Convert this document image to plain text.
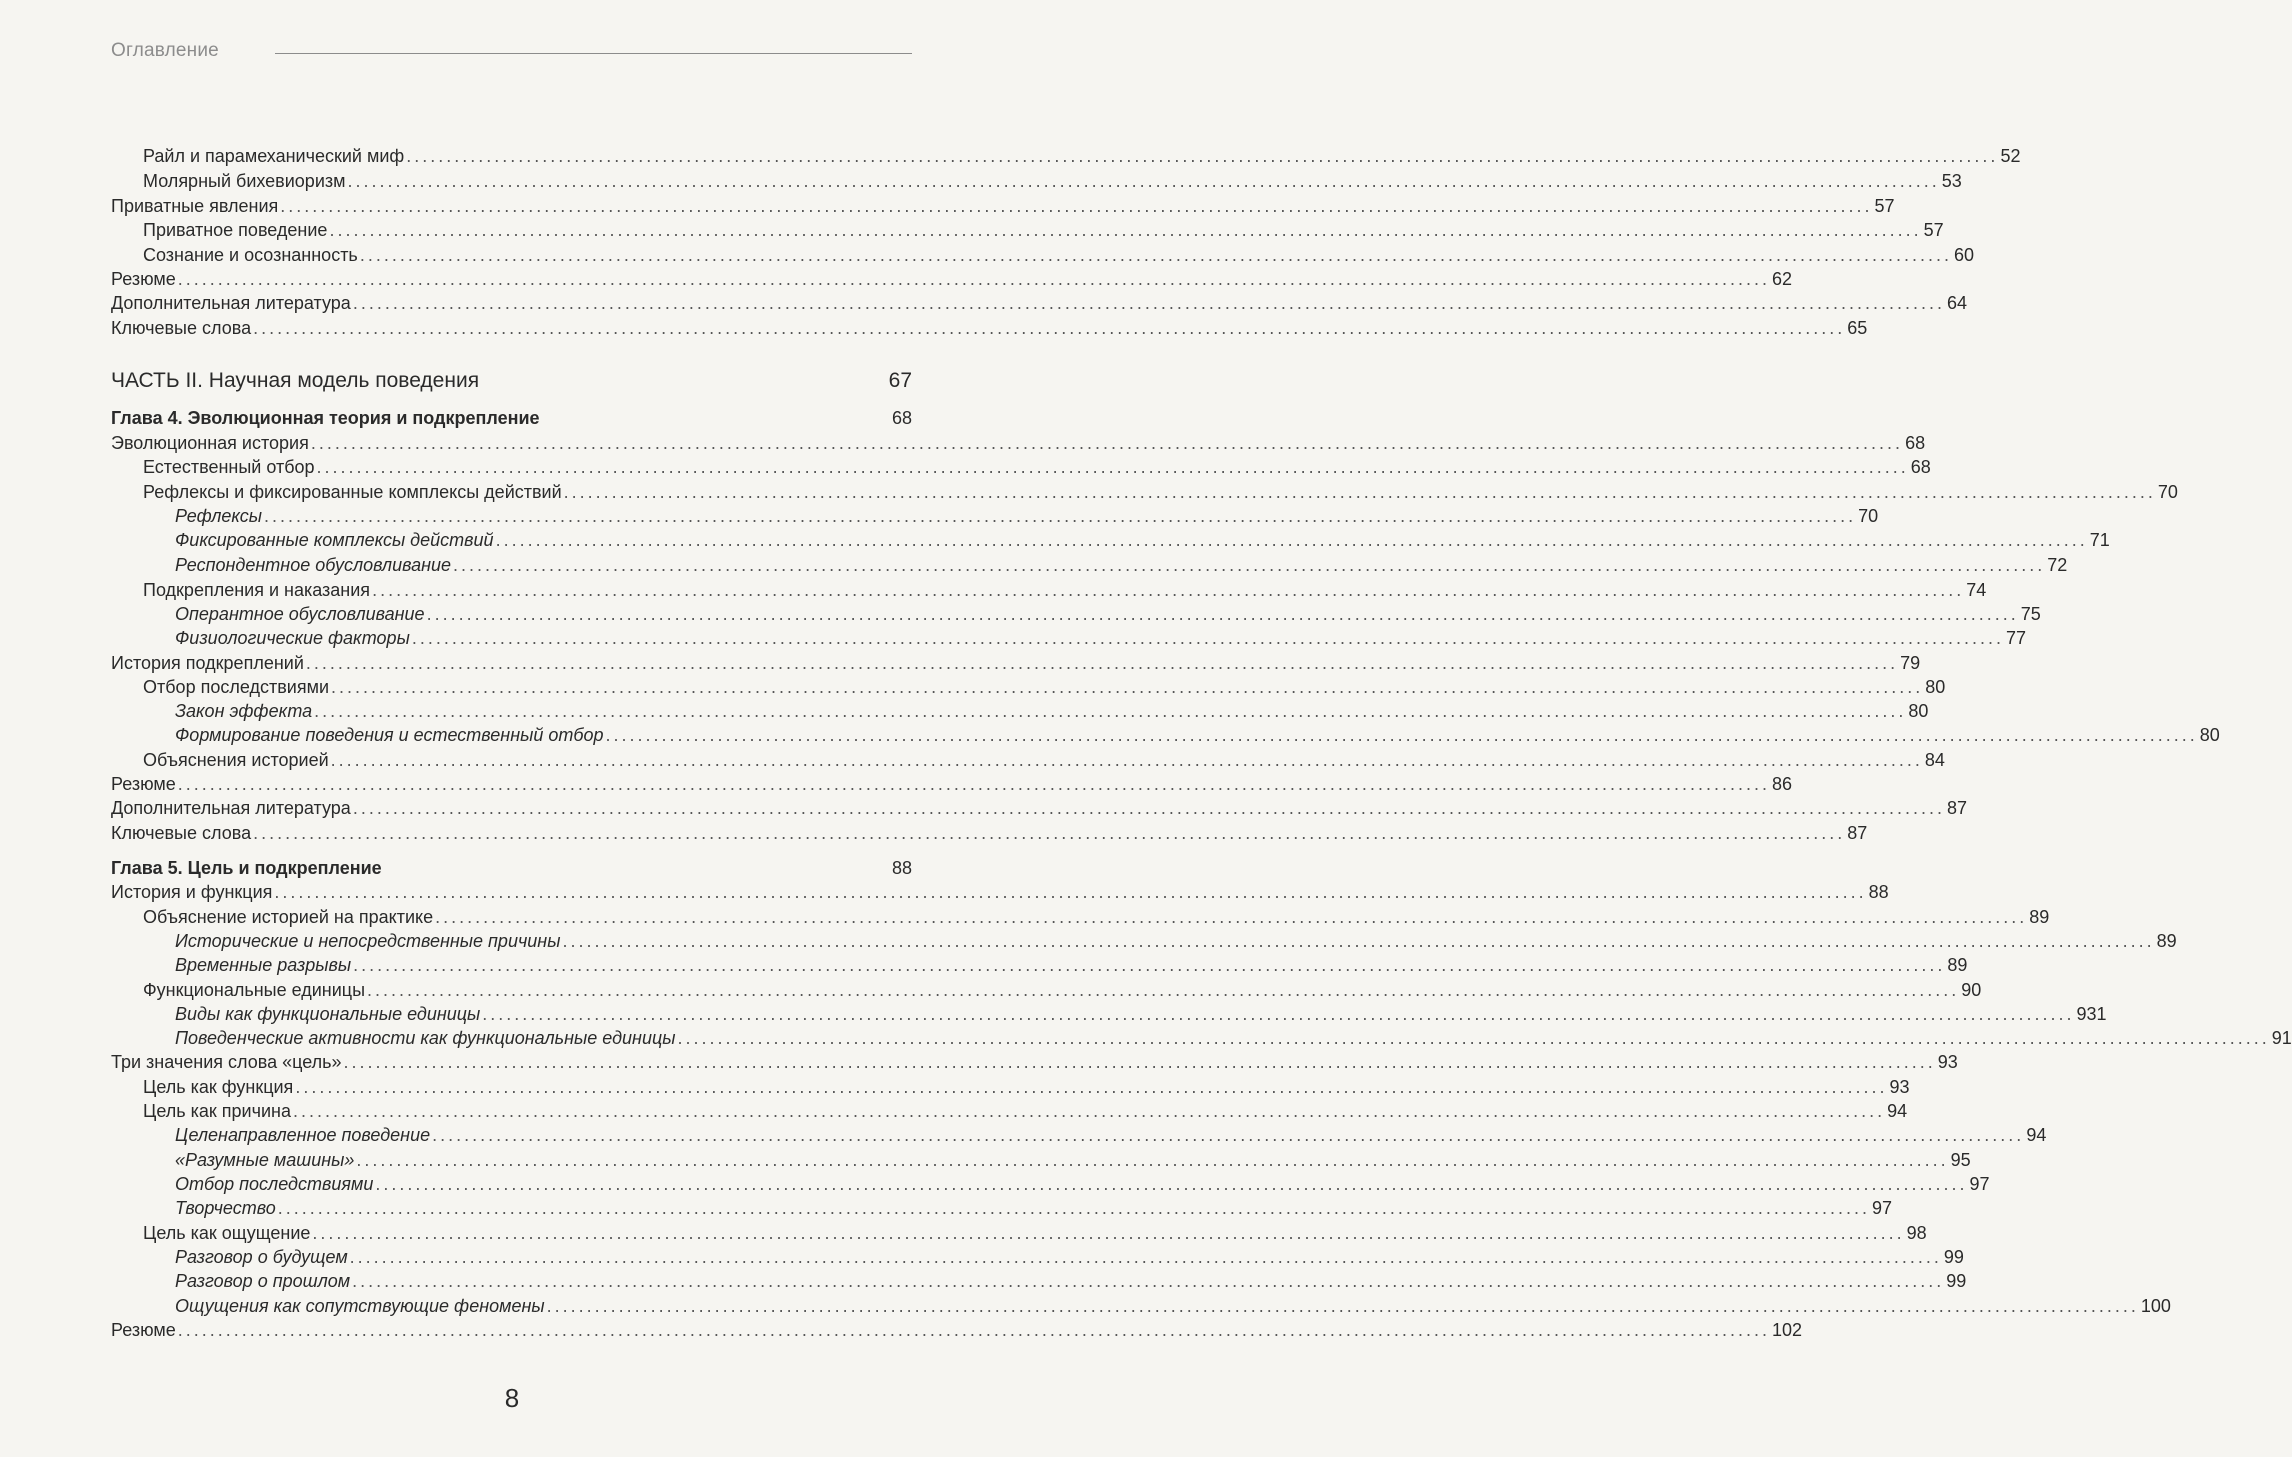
Оглавление
Райл и парамеханический миф ....................................................................................................................................................................................................... 52
Молярный бихевиоризм ....................................................................................................................................................................................................... 53
Приватные явления ....................................................................................................................................................................................................... 57
Приватное поведение ....................................................................................................................................................................................................... 57
Сознание и осознанность ....................................................................................................................................................................................................... 60
Резюме ....................................................................................................................................................................................................... 62
Дополнительная литература ....................................................................................................................................................................................................... 64
Ключевые слова ....................................................................................................................................................................................................... 65
ЧАСТЬ II. Научная модель поведения	67
Глава 4. Эволюционная теория и подкрепление	68
Эволюционная история ....................................................................................................................................................................................................... 68
Естественный отбор ....................................................................................................................................................................................................... 68
Рефлексы и фиксированные комплексы действий ....................................................................................................................................................................................................... 70
Рефлексы ....................................................................................................................................................................................................... 70
Фиксированные комплексы действий ....................................................................................................................................................................................................... 71
Респондентное обусловливание ....................................................................................................................................................................................................... 72
Подкрепления и наказания ....................................................................................................................................................................................................... 74
Оперантное обусловливание ....................................................................................................................................................................................................... 75
Физиологические факторы ....................................................................................................................................................................................................... 77
История подкреплений ....................................................................................................................................................................................................... 79
Отбор последствиями ....................................................................................................................................................................................................... 80
Закон эффекта ....................................................................................................................................................................................................... 80
Формирование поведения и естественный отбор ....................................................................................................................................................................................................... 80
Объяснения историей ....................................................................................................................................................................................................... 84
Резюме ....................................................................................................................................................................................................... 86
Дополнительная литература ....................................................................................................................................................................................................... 87
Ключевые слова ....................................................................................................................................................................................................... 87
Глава 5. Цель и подкрепление	88
История и функция ....................................................................................................................................................................................................... 88
Объяснение историей на практике ....................................................................................................................................................................................................... 89
Исторические и непосредственные причины ....................................................................................................................................................................................................... 89
Временные разрывы ....................................................................................................................................................................................................... 89
Функциональные единицы ....................................................................................................................................................................................................... 90
Виды как функциональные единицы ....................................................................................................................................................................................................... 931
Поведенческие активности как функциональные единицы ....................................................................................................................................................................................................... 91
Три значения слова «цель» ....................................................................................................................................................................................................... 93
Цель как функция ....................................................................................................................................................................................................... 93
Цель как причина ....................................................................................................................................................................................................... 94
Целенаправленное поведение ....................................................................................................................................................................................................... 94
«Разумные машины» ....................................................................................................................................................................................................... 95
Отбор последствиями ....................................................................................................................................................................................................... 97
Творчество ....................................................................................................................................................................................................... 97
Цель как ощущение ....................................................................................................................................................................................................... 98
Разговор о будущем ....................................................................................................................................................................................................... 99
Разговор о прошлом ....................................................................................................................................................................................................... 99
Ощущения как сопутствующие феномены ....................................................................................................................................................................................................... 100
Резюме ....................................................................................................................................................................................................... 102
8
